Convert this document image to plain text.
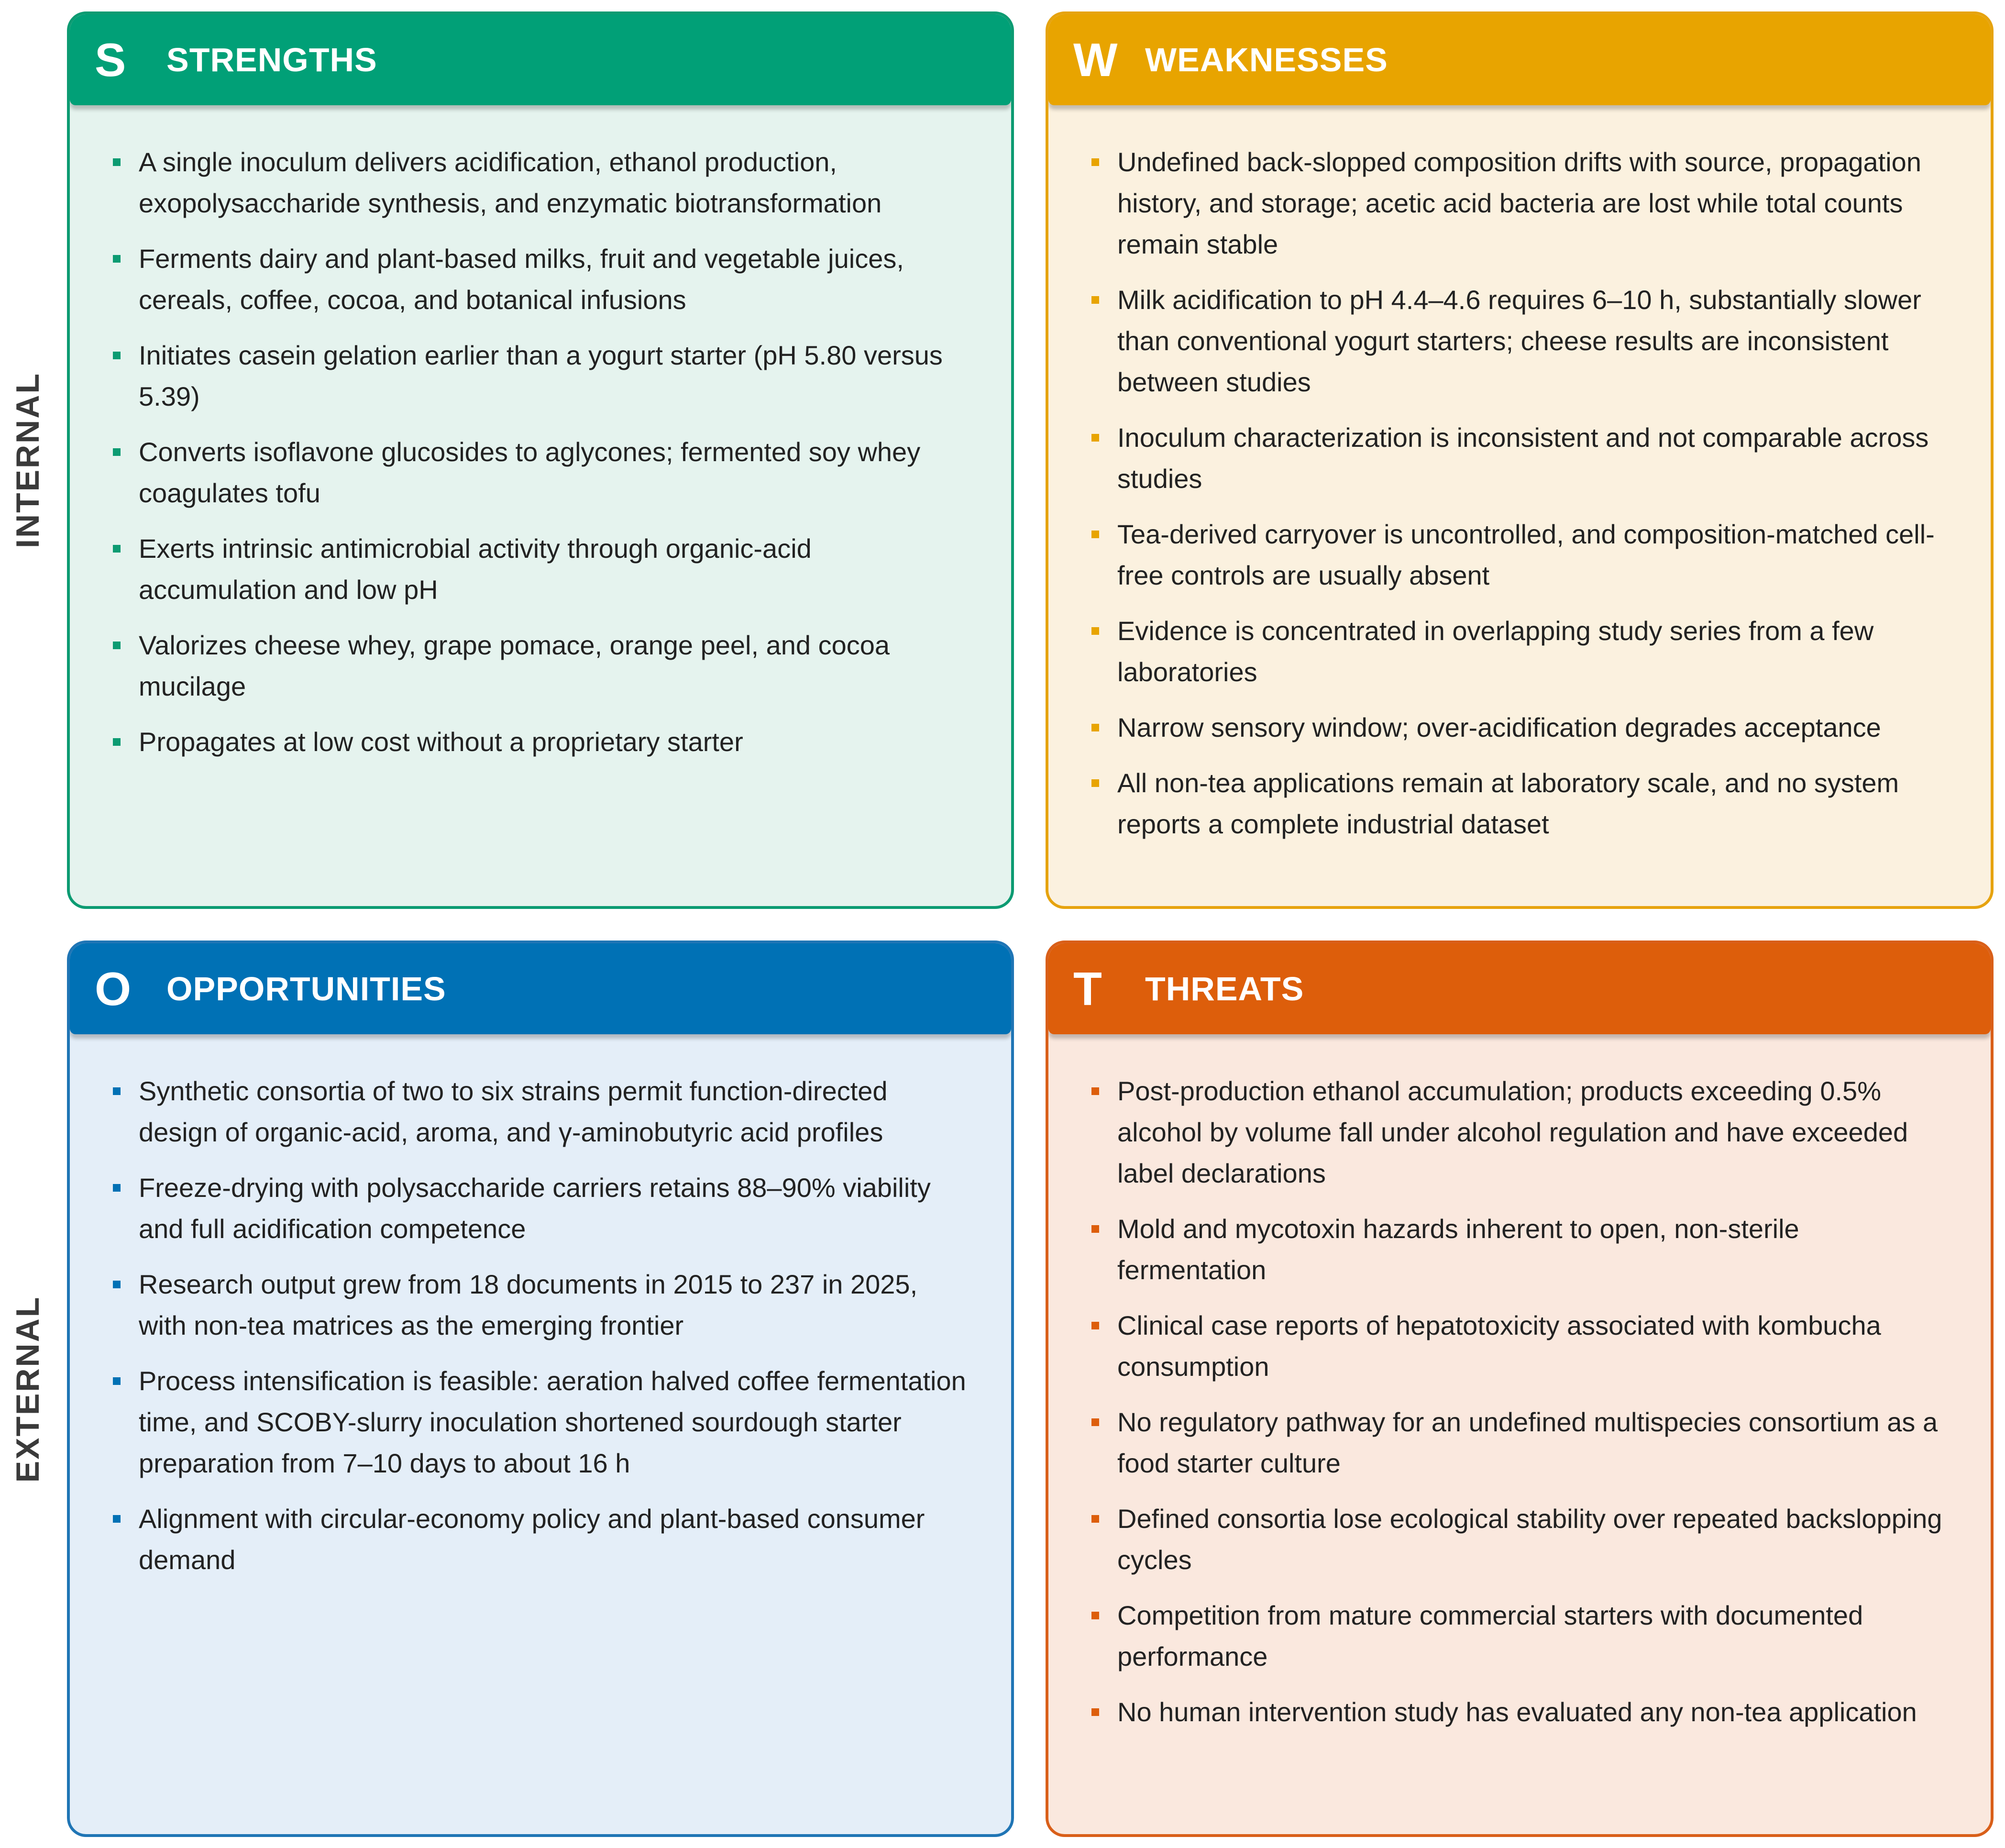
INTERNAL
EXTERNAL
S	STRENGTHS
A single inoculum delivers acidification, ethanol production, exopolysaccharide synthesis, and enzymatic biotransformation
Ferments dairy and plant-based milks, fruit and vegetable juices, cereals, coffee, cocoa, and botanical infusions
Initiates casein gelation earlier than a yogurt starter (pH 5.80 versus 5.39)
Converts isoflavone glucosides to aglycones; fermented soy whey coagulates tofu
Exerts intrinsic antimicrobial activity through organic-acid accumulation and low pH
Valorizes cheese whey, grape pomace, orange peel, and cocoa mucilage
Propagates at low cost without a proprietary starter
W WEAKNESSES
Undefined back-slopped composition drifts with source, propagation history, and storage; acetic acid bacteria are lost while total counts remain stable
Milk acidification to pH 4.4–4.6 requires 6–10 h, substantially slower than conventional yogurt starters; cheese results are inconsistent between studies
Inoculum characterization is inconsistent and not comparable across studies
Tea-derived carryover is uncontrolled, and composition-matched cell-free controls are usually absent
Evidence is concentrated in overlapping study series from a few laboratories
Narrow sensory window; over-acidification degrades acceptance
All non-tea applications remain at laboratory scale, and no system reports a complete industrial dataset
O	OPPORTUNITIES
Synthetic consortia of two to six strains permit function-directed design of organic-acid, aroma, and γ-aminobutyric acid profiles
Freeze-drying with polysaccharide carriers retains 88–90% viability and full acidification competence
Research output grew from 18 documents in 2015 to 237 in 2025, with non-tea matrices as the emerging frontier
Process intensification is feasible: aeration halved coffee fermentation time, and SCOBY-slurry inoculation shortened sourdough starter preparation from 7–10 days to about 16 h
Alignment with circular-economy policy and plant-based consumer demand
T	THREATS
Post-production ethanol accumulation; products exceeding 0.5% alcohol by volume fall under alcohol regulation and have exceeded label declarations
Mold and mycotoxin hazards inherent to open, non-sterile fermentation
Clinical case reports of hepatotoxicity associated with kombucha consumption
No regulatory pathway for an undefined multispecies consortium as a food starter culture
Defined consortia lose ecological stability over repeated backslopping cycles
Competition from mature commercial starters with documented performance
No human intervention study has evaluated any non-tea application
